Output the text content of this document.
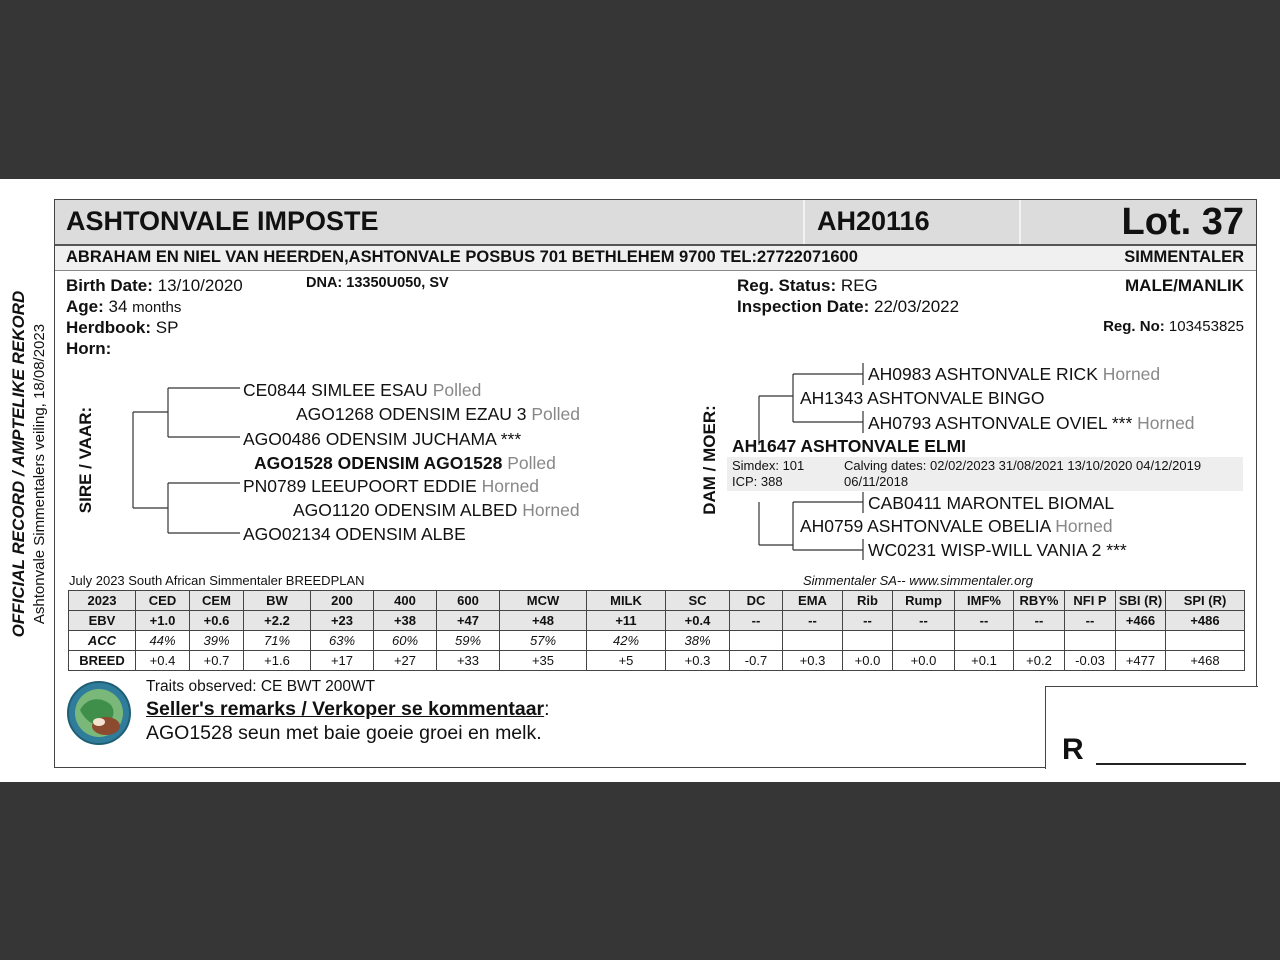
OFFICIAL RECORD / AMPTELIKE REKORD Ashtonvale Simmentalers veiling, 18/08/2023
ASHTONVALE IMPOSTE	AH20116	Lot. 37
ABRAHAM EN NIEL VAN HEERDEN,ASHTONVALE POSBUS 701 BETHLEHEM 9700 TEL:27722071600	SIMMENTALER
Birth Date: 13/10/2020	DNA: 13350U050, SV
Age: 34 months
Herdbook: SP
Horn:
Reg. Status: REG
Inspection Date: 22/03/2022
MALE/MANLIK
Reg. No: 103453825
SIRE / VAAR:
CE0844 SIMLEE ESAU Polled
AGO1268 ODENSIM EZAU 3 Polled
AGO0486 ODENSIM JUCHAMA ***
AGO1528 ODENSIM AGO1528 Polled
PN0789 LEEUPOORT EDDIE Horned
AGO1120 ODENSIM ALBED Horned
AGO02134 ODENSIM ALBE
DAM / MOER:
AH0983 ASHTONVALE RICK Horned
AH1343 ASHTONVALE BINGO
AH0793 ASHTONVALE OVIEL *** Horned
AH1647 ASHTONVALE ELMI
Simdex: 101
ICP: 388
Calving dates: 02/02/2023 31/08/2021 13/10/2020 04/12/2019
06/11/2018
CAB0411 MARONTEL BIOMAL
AH0759 ASHTONVALE OBELIA Horned
WC0231 WISP-WILL VANIA 2 ***
July 2023 South African Simmentaler BREEDPLAN	Simmentaler SA-- www.simmentaler.org
2023	CED	CEM	BW	200	400	600	MCW	MILK	SC	DC	EMA	Rib	Rump	IMF%	RBY%	NFI P	SBI (R)	SPI (R)
EBV	+1.0	+0.6	+2.2	+23	+38	+47	+48	+11	+0.4	--	--	--	--	--	--	--	+466	+486
ACC	44%	39%	71%	63%	60%	59%	57%	42%	38%									
BREED	+0.4	+0.7	+1.6	+17	+27	+33	+35	+5	+0.3	-0.7	+0.3	+0.0	+0.0	+0.1	+0.2	-0.03	+477	+468
Traits observed: CE BWT 200WT
Seller's remarks / Verkoper se kommentaar:
AGO1528 seun met baie goeie groei en melk.	R
